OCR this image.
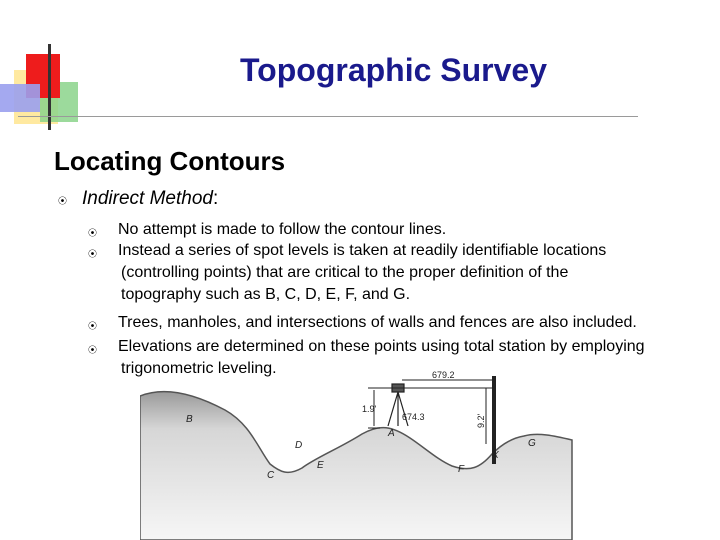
Topographic Survey
Locating Contours
⦿ Indirect Method:
⦿ No attempt is made to follow the contour lines.
⦿ Instead a series of spot levels is taken at readily identifiable locations
(controlling points) that are critical to the proper definition of the
topography such as B, C, D, E, F, and G.
⦿ Trees, manholes, and intersections of walls and fences are also included.
⦿ Elevations are determined on these points using total station by employing
trigonometric leveling.	679.2
1.9'
674.3	9.2'
B
A
D
E
C
F
X
G
